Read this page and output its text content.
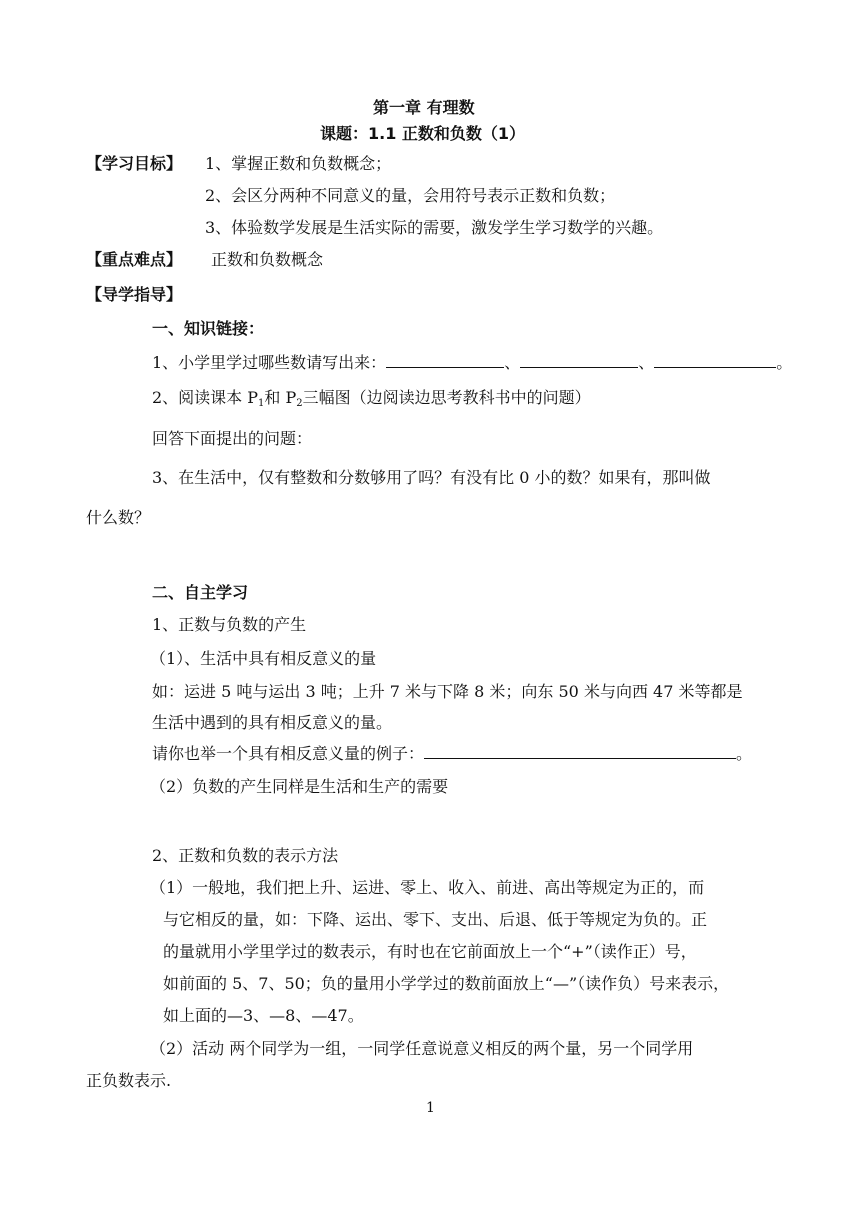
第一章 有理数
课题：1.1 正数和负数（1）
【学习目标】 1、掌握正数和负数概念；
2、会区分两种不同意义的量，会用符号表示正数和负数；
3、体验数学发展是生活实际的需要，激发学生学习数学的兴趣。
【重点难点】 正数和负数概念
【导学指导】
一、知识链接：
1、小学里学过哪些数请写出来：	、	、	。
2、阅读课本 $P_1$和 $P_2$三幅图（边阅读边思考教科书中的问题）
回答下面提出的问题：
3、在生活中，仅有整数和分数够用了吗？有没有比 0 小的数？如果有，那叫做
什么数？
二、自主学习
1、正数与负数的产生
（1）、生活中具有相反意义的量
如：运进 5 吨与运出 3 吨；上升 7 米与下降 8 米；向东 50 米与向西 47 米等都是
生活中遇到的具有相反意义的量。
请你也举一个具有相反意义量的例子：	。
（2）负数的产生同样是生活和生产的需要
2、正数和负数的表示方法
（1）一般地，我们把上升、运进、零上、收入、前进、高出等规定为正的，而
与它相反的量，如：下降、运出、零下、支出、后退、低于等规定为负的。正
的量就用小学里学过的数表示，有时也在它前面放上一个“+”（读作正）号，
如前面的 5、7、50；负的量用小学学过的数前面放上“—”（读作负）号来表示，
如上面的—3、—8、—47。
（2）活动 两个同学为一组，一同学任意说意义相反的两个量，另一个同学用
正负数表示.
1
